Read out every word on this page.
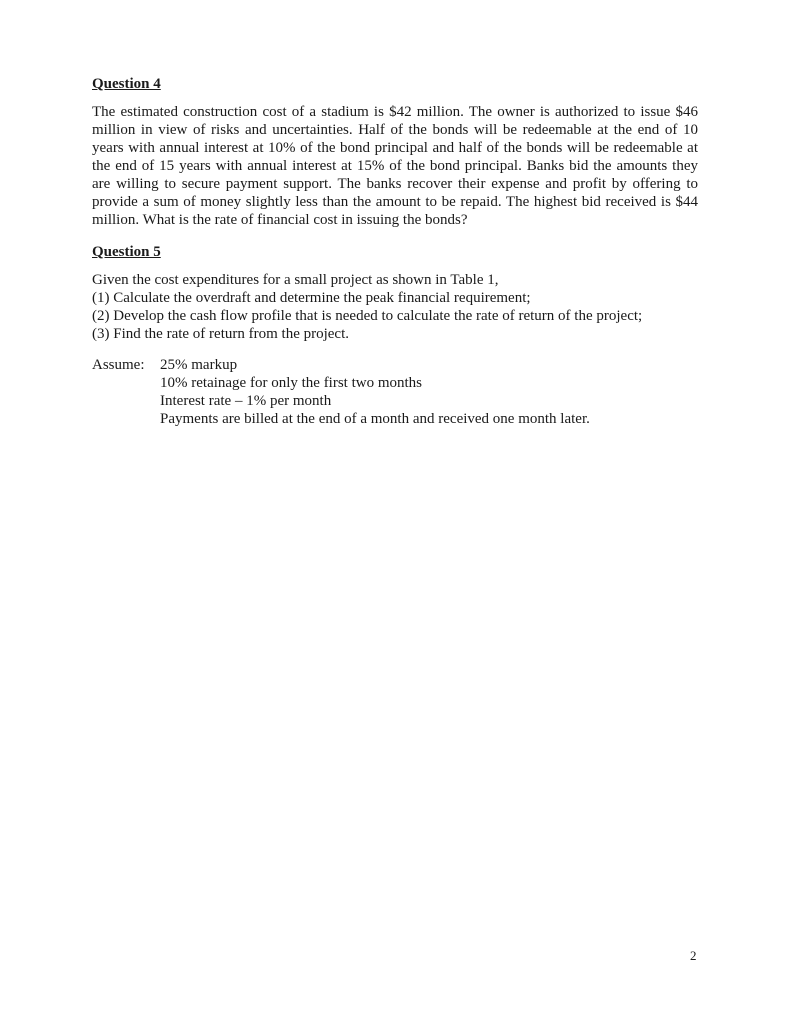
Question 4

The estimated construction cost of a stadium is $42 million. The owner is authorized to issue $46 million in view of risks and uncertainties. Half of the bonds will be redeemable at the end of 10 years with annual interest at 10% of the bond principal and half of the bonds will be redeemable at the end of 15 years with annual interest at 15% of the bond principal. Banks bid the amounts they are willing to secure payment support. The banks recover their expense and profit by offering to provide a sum of money slightly less than the amount to be repaid. The highest bid received is $44 million. What is the rate of financial cost in issuing the bonds?

Question 5

Given the cost expenditures for a small project as shown in Table 1,

(1) Calculate the overdraft and determine the peak financial requirement;

(2) Develop the cash flow profile that is needed to calculate the rate of return of the project;

(3) Find the rate of return from the project.

Assume: 25% markup
10% retainage for only the first two months
Interest rate – 1% per month
Payments are billed at the end of a month and received one month later.
2
